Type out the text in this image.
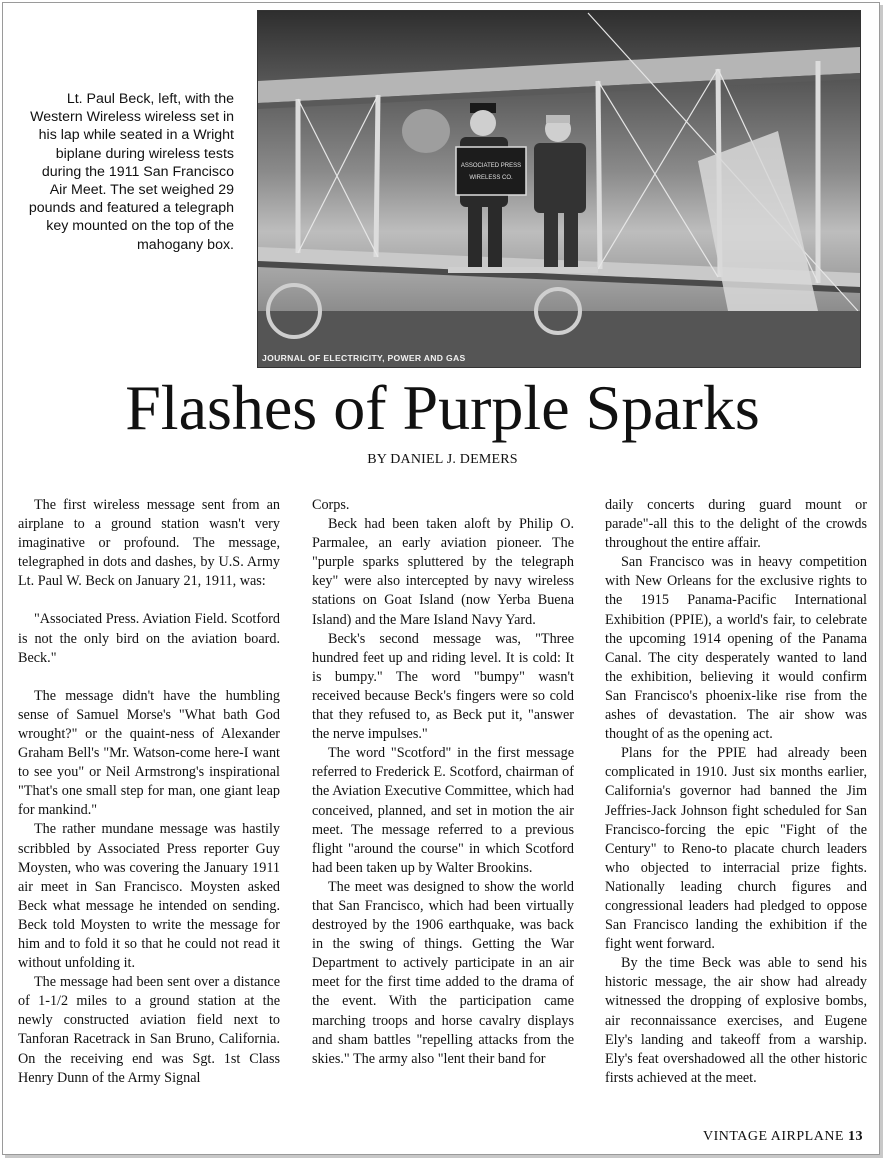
Lt. Paul Beck, left, with the Western Wireless wireless set in his lap while seated in a Wright biplane during wireless tests during the 1911 San Francisco Air Meet. The set weighed 29 pounds and featured a telegraph key mounted on the top of the mahogany box.
ASSOCIATED PRESS
WIRELESS CO.
JOURNAL OF ELECTRICITY, POWER AND GAS
Flashes of Purple Sparks
BY DANIEL J. DEMERS

The first wireless message sent from an airplane to a ground station wasn't very imaginative or profound. The message, telegraphed in dots and dashes, by U.S. Army Lt. Paul W. Beck on January 21, 1911, was:

"Associated Press. Aviation Field. Scotford is not the only bird on the aviation board. Beck."

The message didn't have the humbling sense of Samuel Morse's "What bath God wrought?" or the quaint-ness of Alexander Graham Bell's "Mr. Watson-come here-I want to see you" or Neil Armstrong's inspirational "That's one small step for man, one giant leap for mankind."

The rather mundane message was hastily scribbled by Associated Press reporter Guy Moysten, who was covering the January 1911 air meet in San Francisco. Moysten asked Beck what message he intended on sending. Beck told Moysten to write the message for him and to fold it so that he could not read it without unfolding it.

The message had been sent over a distance of 1-1/2 miles to a ground station at the newly constructed aviation field next to Tanforan Racetrack in San Bruno, California. On the receiving end was Sgt. 1st Class Henry Dunn of the Army Signal

Corps.

Beck had been taken aloft by Philip O. Parmalee, an early aviation pioneer. The "purple sparks spluttered by the telegraph key" were also intercepted by navy wireless stations on Goat Island (now Yerba Buena Island) and the Mare Island Navy Yard.

Beck's second message was, "Three hundred feet up and riding level. It is cold: It is bumpy." The word "bumpy" wasn't received because Beck's fingers were so cold that they refused to, as Beck put it, "answer the nerve impulses."

The word "Scotford" in the first message referred to Frederick E. Scotford, chairman of the Aviation Executive Committee, which had conceived, planned, and set in motion the air meet. The message referred to a previous flight "around the course" in which Scotford had been taken up by Walter Brookins.

The meet was designed to show the world that San Francisco, which had been virtually destroyed by the 1906 earthquake, was back in the swing of things. Getting the War Department to actively participate in an air meet for the first time added to the drama of the event. With the participation came marching troops and horse cavalry displays and sham battles "repelling attacks from the skies." The army also "lent their band for

daily concerts during guard mount or parade"-all this to the delight of the crowds throughout the entire affair.

San Francisco was in heavy competition with New Orleans for the exclusive rights to the 1915 Panama-Pacific International Exhibition (PPIE), a world's fair, to celebrate the upcoming 1914 opening of the Panama Canal. The city desperately wanted to land the exhibition, believing it would confirm San Francisco's phoenix-like rise from the ashes of devastation. The air show was thought of as the opening act.

Plans for the PPIE had already been complicated in 1910. Just six months earlier, California's governor had banned the Jim Jeffries-Jack Johnson fight scheduled for San Francisco-forcing the epic "Fight of the Century" to Reno-to placate church leaders who objected to interracial prize fights. Nationally leading church figures and congressional leaders had pledged to oppose San Francisco landing the exhibition if the fight went forward.

By the time Beck was able to send his historic message, the air show had already witnessed the dropping of explosive bombs, air reconnaissance exercises, and Eugene Ely's landing and takeoff from a warship. Ely's feat overshadowed all the other historic firsts achieved at the meet.

VINTAGE AIRPLANE 13
